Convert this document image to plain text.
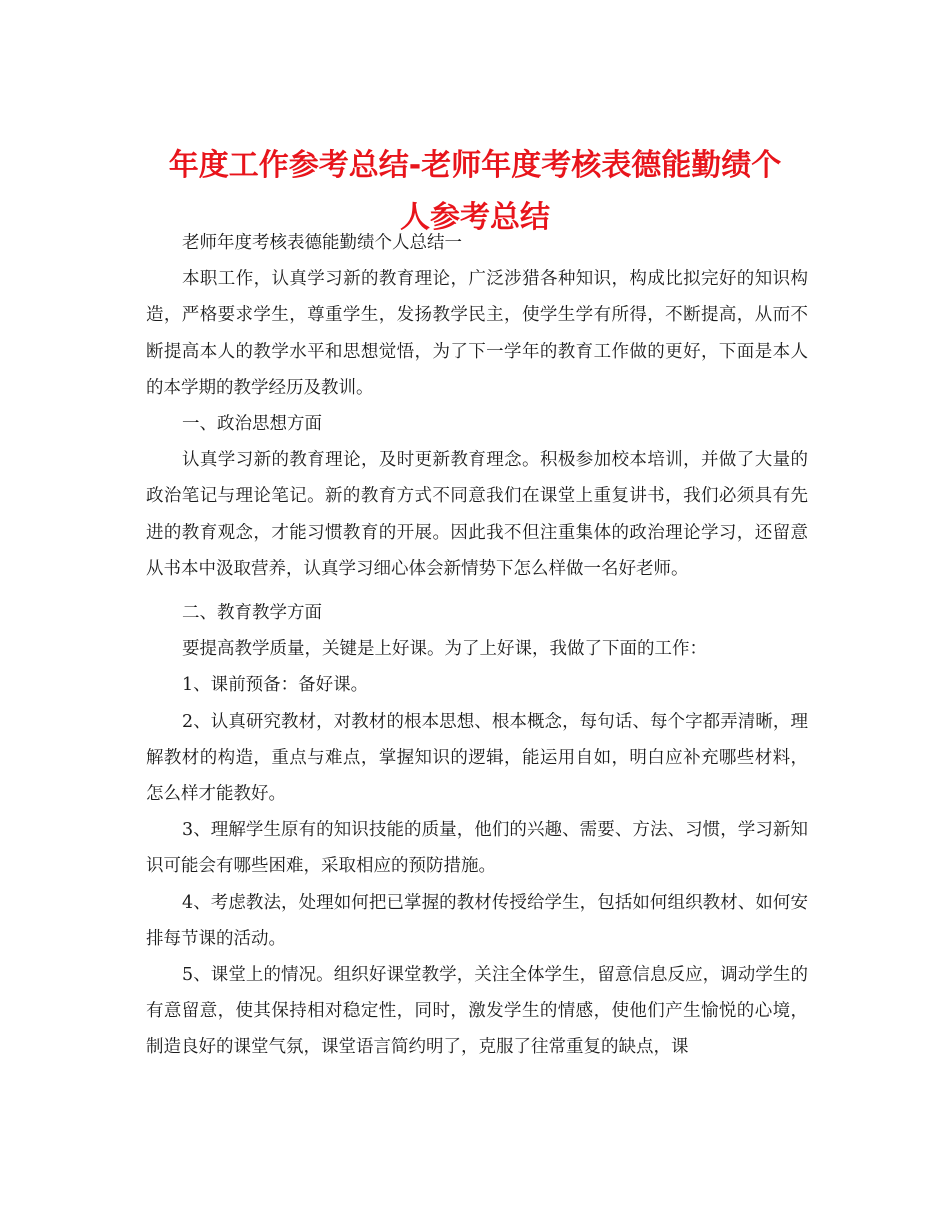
年度工作参考总结-老师年度考核表德能勤绩个
人参考总结

老师年度考核表德能勤绩个人总结一

本职工作，认真学习新的教育理论，广泛涉猎各种知识，构成比拟完好的知识构造，严格要求学生，尊重学生，发扬教学民主，使学生学有所得，不断提高，从而不断提高本人的教学水平和思想觉悟，为了下一学年的教育工作做的更好，下面是本人的本学期的教学经历及教训。

一、政治思想方面

认真学习新的教育理论，及时更新教育理念。积极参加校本培训，并做了大量的政治笔记与理论笔记。新的教育方式不同意我们在课堂上重复讲书，我们必须具有先进的教育观念，才能习惯教育的开展。因此我不但注重集体的政治理论学习，还留意从书本中汲取营养，认真学习细心体会新情势下怎么样做一名好老师。

二、教育教学方面

要提高教学质量，关键是上好课。为了上好课，我做了下面的工作：

1、课前预备：备好课。

2、认真研究教材，对教材的根本思想、根本概念，每句话、每个字都弄清晰，理解教材的构造，重点与难点，掌握知识的逻辑，能运用自如，明白应补充哪些材料，怎么样才能教好。

3、理解学生原有的知识技能的质量，他们的兴趣、需要、方法、习惯，学习新知识可能会有哪些困难，采取相应的预防措施。

4、考虑教法，处理如何把已掌握的教材传授给学生，包括如何组织教材、如何安排每节课的活动。

5、课堂上的情况。组织好课堂教学，关注全体学生，留意信息反应，调动学生的有意留意，使其保持相对稳定性，同时，激发学生的情感，使他们产生愉悦的心境，制造良好的课堂气氛，课堂语言简约明了，克服了往常重复的缺点，课
